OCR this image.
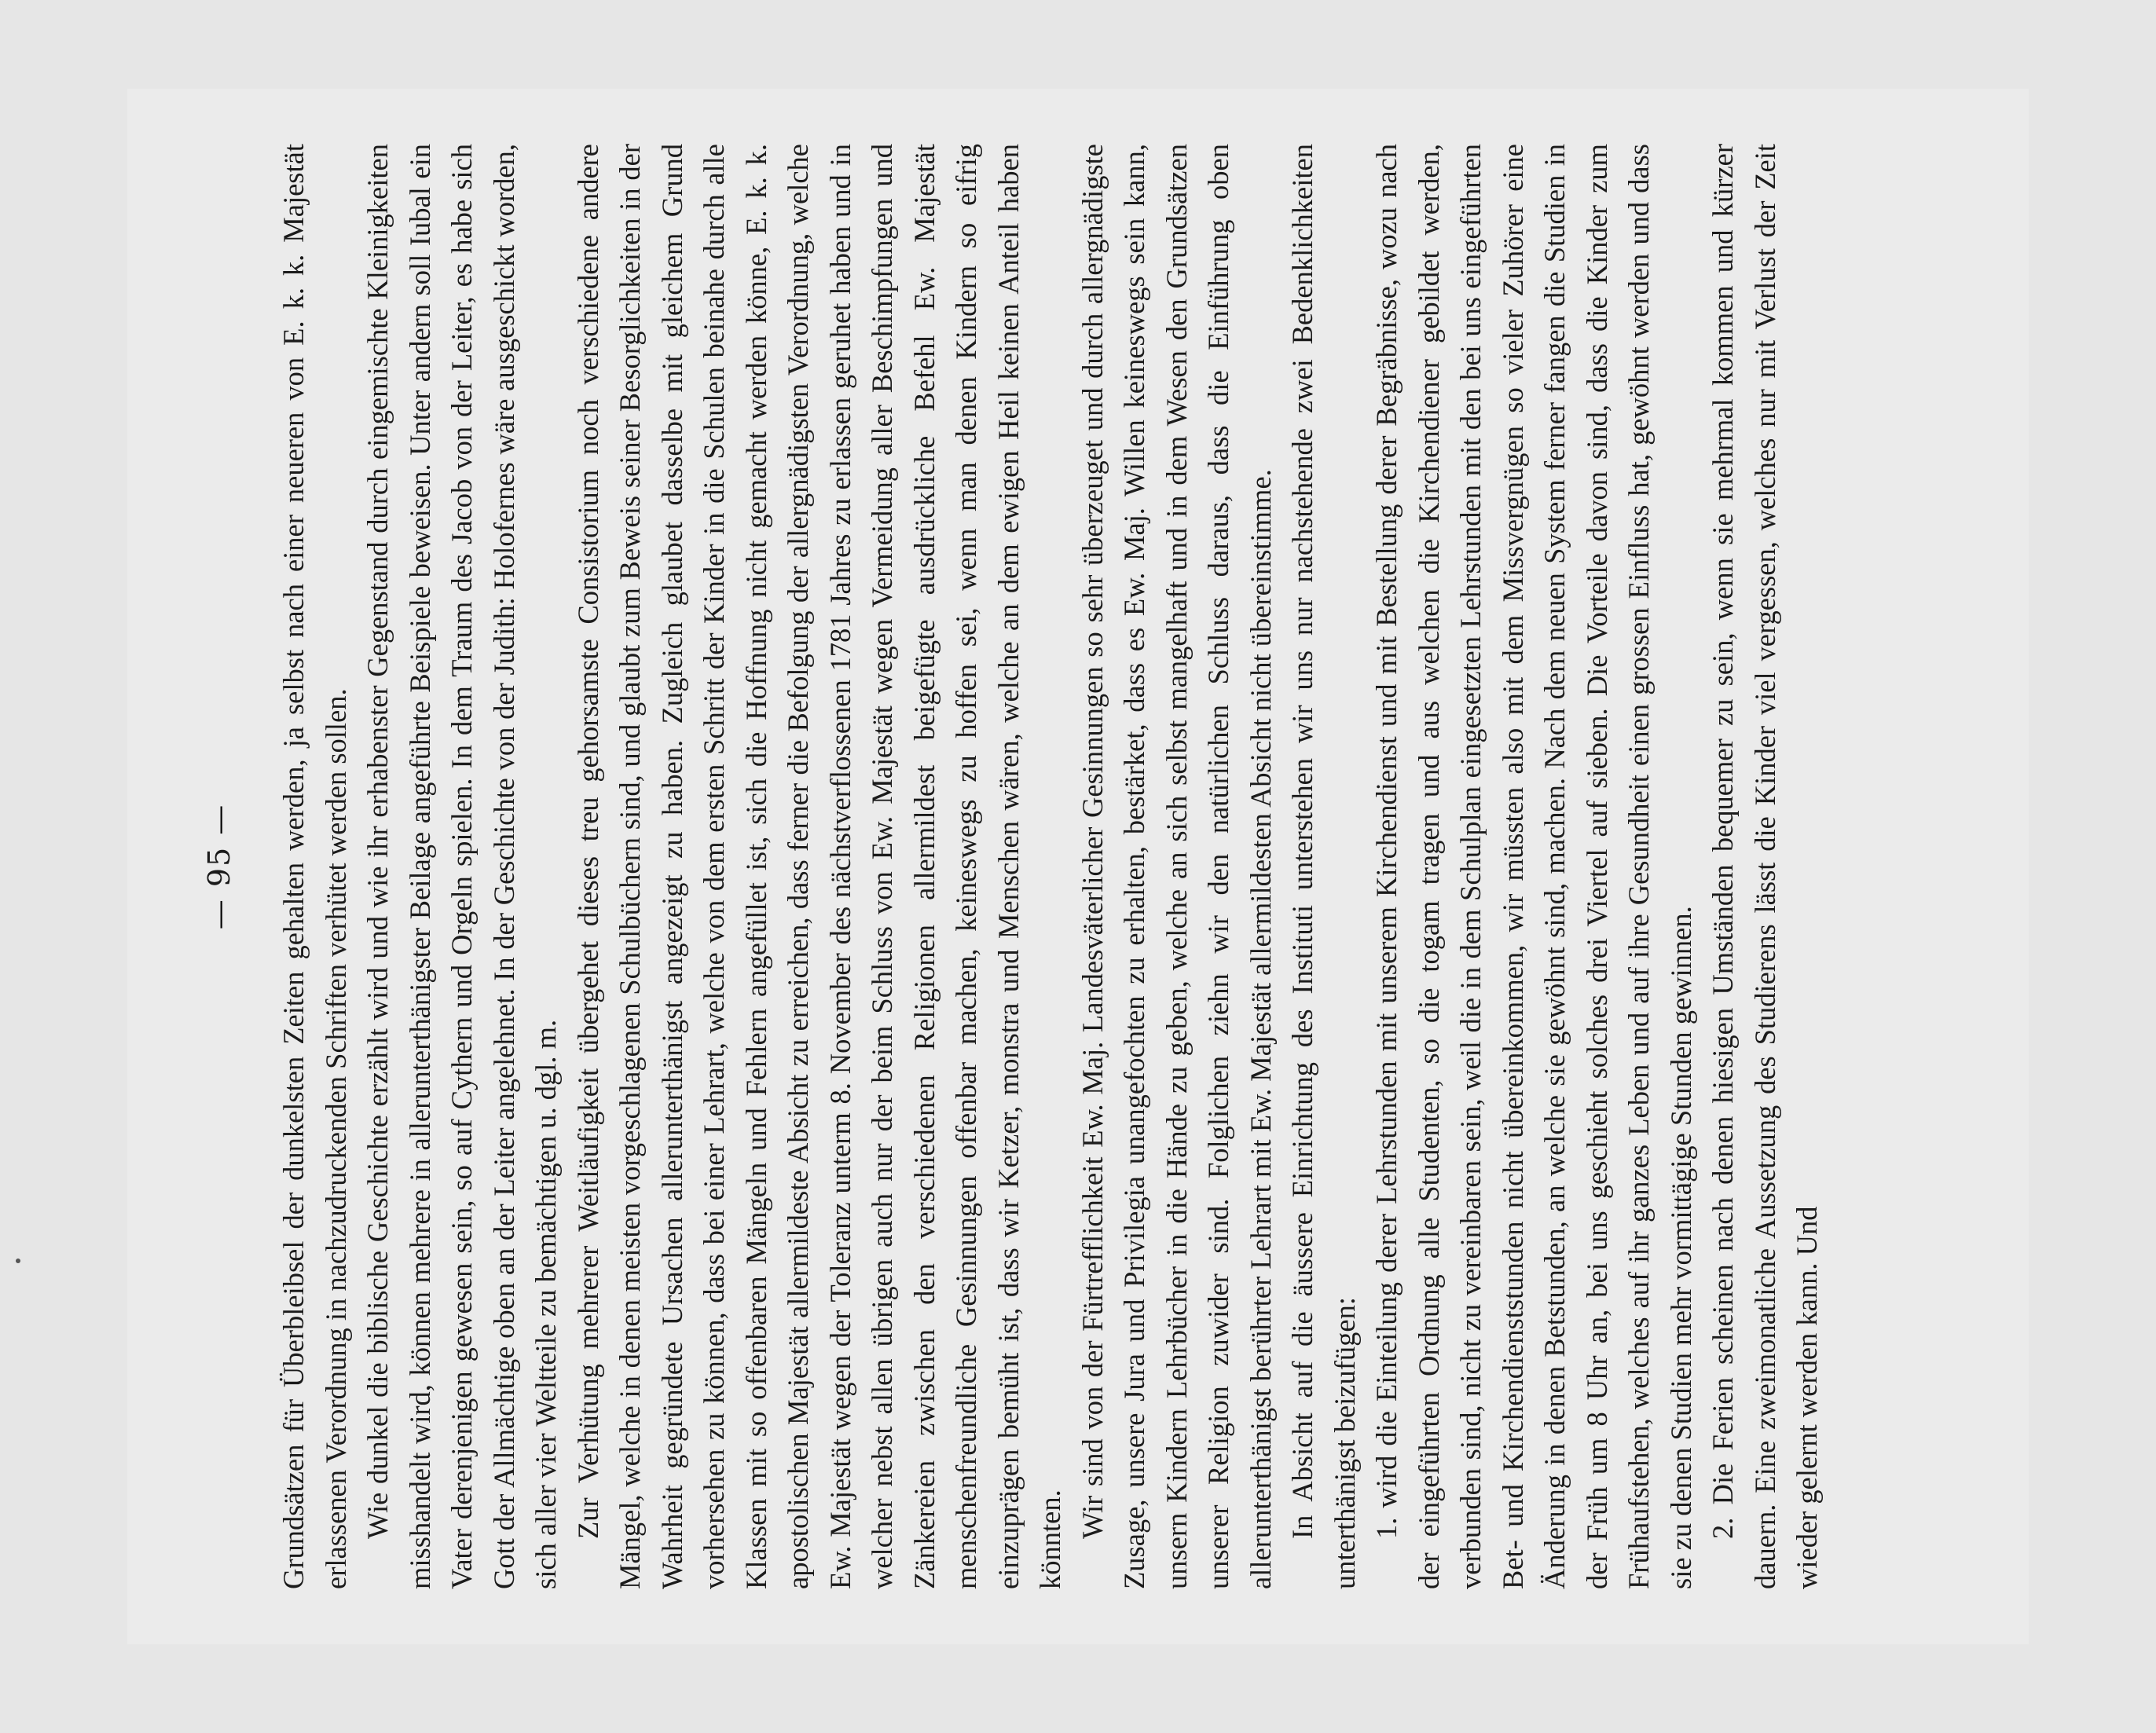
— 95 — Grundsätzen für Überbleibsel der dunkelsten Zeiten gehalten werden, ja selbst nach einer neueren von E. k. k. Majestät erlassenen Verordnung in nachzudruckenden Schriften verhütet werden sollen. Wie dunkel die biblische Geschichte erzählt wird und wie ihr erhabenster Gegenstand durch eingemischte Kleinigkeiten misshandelt wird, können mehrere in allerunterthänigster Beilage angeführte Beispiele beweisen. Unter andern soll Iubal ein Vater derenjenigen gewesen sein, so auf Cythern und Orgeln spielen. In dem Traum des Jacob von der Leiter, es habe sich Gott der Allmächtige oben an der Leiter angelehnet. In der Geschichte von der Judith: Holofernes wäre ausgeschickt worden, sich aller vier Weltteile zu bemächtigen u. dgl. m. Zur Verhütung mehrerer Weitläufigkeit übergehet dieses treu gehorsamste Consistorium noch verschiedene andere Mängel, welche in denen meisten vorgeschlagenen Schulbüchern sind, und glaubt zum Beweis seiner Besorglichkeiten in der Wahrheit gegründete Ursachen allerunterthänigst angezeigt zu haben. Zugleich glaubet dasselbe mit gleichem Grund vorhersehen zu können, dass bei einer Lehrart, welche von dem ersten Schritt der Kinder in die Schulen beinahe durch alle Klassen mit so offenbaren Mängeln und Fehlern angefüllet ist, sich die Hoffnung nicht gemacht werden könne, E. k. k. apostolischen Majestät allermildeste Absicht zu erreichen, dass ferner die Befolgung der allergnädigsten Verordnung, welche Ew. Majestät wegen der Toleranz unterm 8. November des nächstverflossenen 1781 Jahres zu erlassen geruhet haben und in welcher nebst allen übrigen auch nur der beim Schluss von Ew. Majestät wegen Vermeidung aller Beschimpfungen und Zänkereien zwischen den verschiedenen Religionen allermildest beigefügte ausdrückliche Befehl Ew. Majestät menschenfreundliche Gesinnungen offenbar machen, keineswegs zu hoffen sei, wenn man denen Kindern so eifrig einzuprägen bemüht ist, dass wir Ketzer, monstra und Menschen wären, welche an dem ewigen Heil keinen Anteil haben könnten.

Wir sind von der Fürtrefflichkeit Ew. Maj. Landesväterlicher Gesinnungen so sehr überzeuget und durch allergnädigste Zusage, unsere Jura und Privilegia unangefochten zu erhalten, bestärket, dass es Ew. Maj. Willen keineswegs sein kann, unsern Kindern Lehrbücher in die Hände zu geben, welche an sich selbst mangelhaft und in dem Wesen den Grundsätzen unserer Religion zuwider sind. Folglichen ziehn wir den natürlichen Schluss daraus, dass die Einführung oben allerunterthänigst berührter Lehrart mit Ew. Majestät allermildesten Absicht nicht übereinstimme. In Absicht auf die äussere Einrichtung des Instituti unterstehen wir uns nur nachstehende zwei Bedenklichkeiten unterthänigst beizufügen: 1. wird die Einteilung derer Lehrstunden mit unserem Kirchendienst und mit Bestellung derer Begräbnisse, wozu nach der eingeführten Ordnung alle Studenten, so die togam tragen und aus welchen die Kirchendiener gebildet werden, verbunden sind, nicht zu vereinbaren sein, weil die in dem Schulplan eingesetzten Lehrstunden mit den bei uns eingeführten Bet- und Kirchendienststunden nicht übereinkommen, wir müssten also mit dem Missvergnügen so vieler Zuhörer eine Änderung in denen Betstunden, an welche sie gewöhnt sind, machen. Nach dem neuen System ferner fangen die Studien in der Früh um 8 Uhr an, bei uns geschieht solches drei Viertel auf sieben. Die Vorteile davon sind, dass die Kinder zum Frühaufstehen, welches auf ihr ganzes Leben und auf ihre Gesundheit einen grossen Einfluss hat, gewöhnt werden und dass sie zu denen Studien mehr vormittägige Stunden gewinnen. 2. Die Ferien scheinen nach denen hiesigen Umständen bequemer zu sein, wenn sie mehrmal kommen und kürzer dauern. Eine zweimonatliche Aussetzung des Studierens lässt die Kinder viel vergessen, welches nur mit Verlust der Zeit wieder gelernt werden kann. Und
